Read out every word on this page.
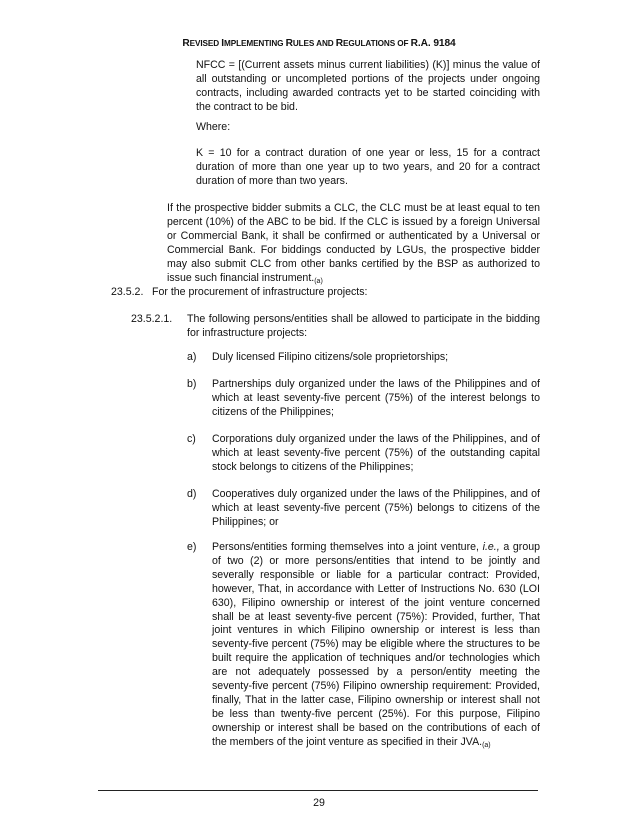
REVISED IMPLEMENTING RULES AND REGULATIONS OF R.A. 9184
NFCC = [(Current assets minus current liabilities) (K)] minus the value of all outstanding or uncompleted portions of the projects under ongoing contracts, including awarded contracts yet to be started coinciding with the contract to be bid.
Where:
K = 10 for a contract duration of one year or less, 15 for a contract duration of more than one year up to two years, and 20 for a contract duration of more than two years.
If the prospective bidder submits a CLC, the CLC must be at least equal to ten percent (10%) of the ABC to be bid. If the CLC is issued by a foreign Universal or Commercial Bank, it shall be confirmed or authenticated by a Universal or Commercial Bank. For biddings conducted by LGUs, the prospective bidder may also submit CLC from other banks certified by the BSP as authorized to issue such financial $instrument._{(a)}$
23.5.2. For the procurement of infrastructure projects:
23.5.2.1. The following persons/entities shall be allowed to participate in the bidding for infrastructure projects:
a) Duly licensed Filipino citizens/sole proprietorships;
b) Partnerships duly organized under the laws of the Philippines and of which at least seventy-five percent (75%) of the interest belongs to citizens of the Philippines;
c) Corporations duly organized under the laws of the Philippines, and of which at least seventy-five percent (75%) of the outstanding capital stock belongs to citizens of the Philippines;
d) Cooperatives duly organized under the laws of the Philippines, and of which at least seventy-five percent (75%) belongs to citizens of the Philippines; or
e) Persons/entities forming themselves into a joint venture, i.e., a group of two (2) or more persons/entities that intend to be jointly and severally responsible or liable for a particular contract: Provided, however, That, in accordance with Letter of Instructions No. 630 (LOI 630), Filipino ownership or interest of the joint venture concerned shall be at least seventy-five percent (75%): Provided, further, That joint ventures in which Filipino ownership or interest is less than seventy-five percent (75%) may be eligible where the structures to be built require the application of techniques and/or technologies which are not adequately possessed by a person/entity meeting the seventy-five percent (75%) Filipino ownership requirement: Provided, finally, That in the latter case, Filipino ownership or interest shall not be less than twenty-five percent (25%). For this purpose, Filipino ownership or interest shall be based on the contributions of each of the members of the joint venture as specified in their $JVA._{(a)}$
29
